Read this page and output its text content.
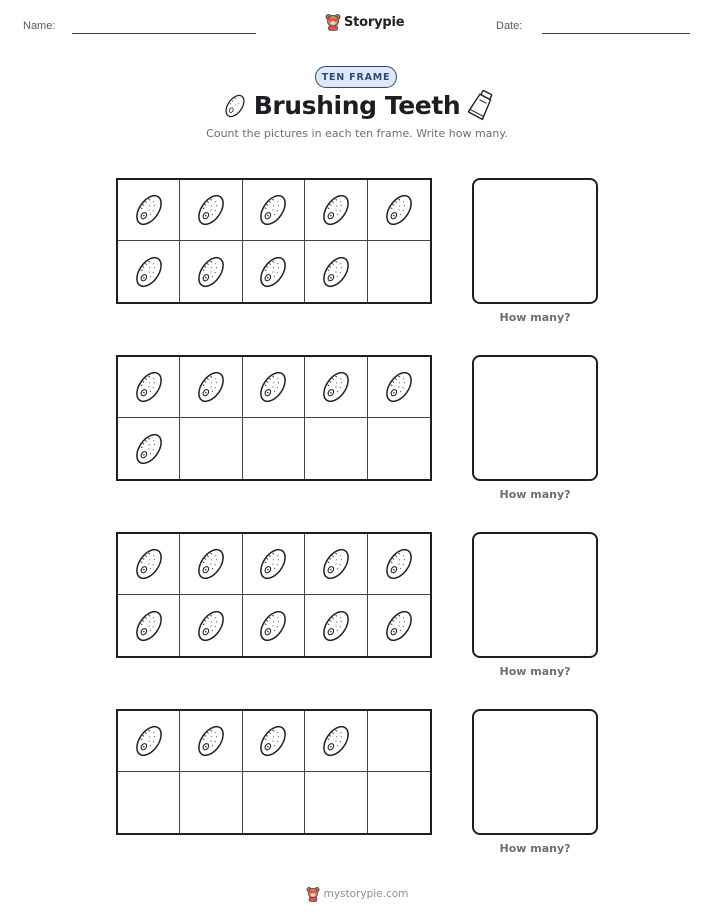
Name:	Storypie	Date:
TEN FRAME
Brushing Teeth
Count the pictures in each ten frame. Write how many.
How many?
How many?
How many?
How many?
mystorypie.com
